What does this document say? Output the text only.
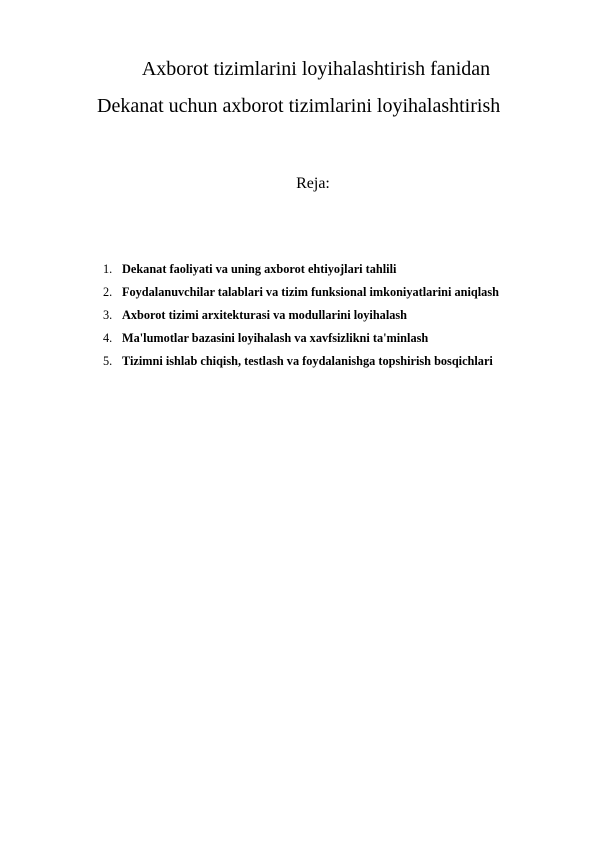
Axborot tizimlarini loyihalashtirish fanidan
Dekanat uchun axborot tizimlarini loyihalashtirish
Reja:
1. Dekanat faoliyati va uning axborot ehtiyojlari tahlili
2. Foydalanuvchilar talablari va tizim funksional imkoniyatlarini aniqlash
3. Axborot tizimi arxitekturasi va modullarini loyihalash
4. Ma'lumotlar bazasini loyihalash va xavfsizlikni ta'minlash
5. Tizimni ishlab chiqish, testlash va foydalanishga topshirish bosqichlari
